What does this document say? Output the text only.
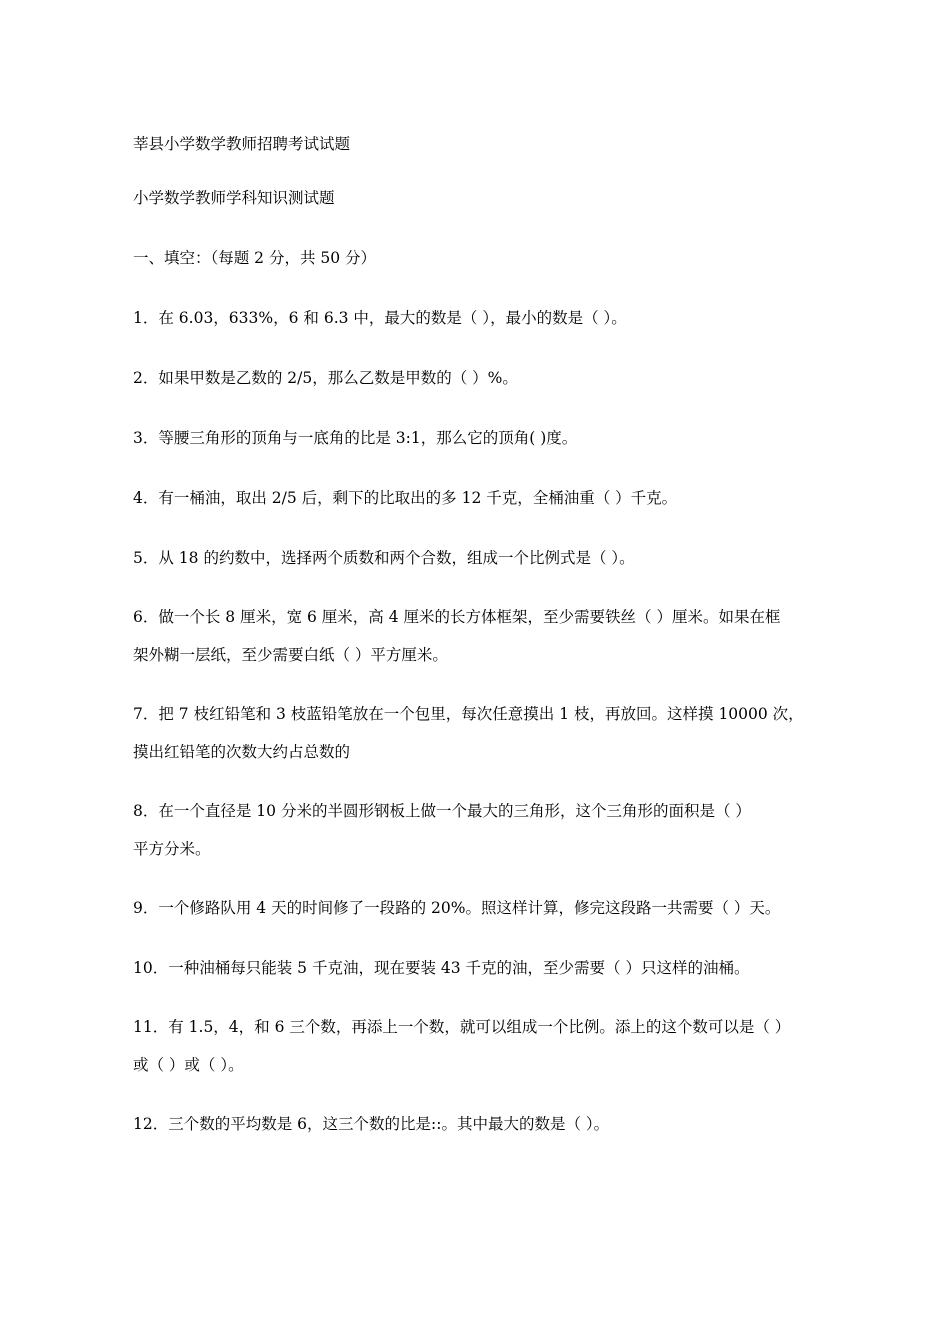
莘县小学数学教师招聘考试试题
小学数学教师学科知识测试题
一、填空：（每题 2 分，共 50 分）
1．在 6.03，633%，6 和 6.3 中，最大的数是（ ），最小的数是（ ）。
2．如果甲数是乙数的 2/5，那么乙数是甲数的（ ）%。
3．等腰三角形的顶角与一底角的比是 3:1，那么它的顶角( )度。
4．有一桶油，取出 2/5 后，剩下的比取出的多 12 千克，全桶油重（ ）千克。
5．从 18 的约数中，选择两个质数和两个合数，组成一个比例式是（ ）。
6．做一个长 8 厘米，宽 6 厘米，高 4 厘米的长方体框架，至少需要铁丝（ ）厘米。如果在框
架外糊一层纸，至少需要白纸（ ）平方厘米。
7．把 7 枝红铅笔和 3 枝蓝铅笔放在一个包里，每次任意摸出 1 枝，再放回。这样摸 10000 次，
摸出红铅笔的次数大约占总数的
8．在一个直径是 10 分米的半圆形钢板上做一个最大的三角形，这个三角形的面积是（ ）
平方分米。
9．一个修路队用 4 天的时间修了一段路的 20%。照这样计算，修完这段路一共需要（ ）天。
10．一种油桶每只能装 5 千克油，现在要装 43 千克的油，至少需要（ ）只这样的油桶。
11．有 1.5，4，和 6 三个数，再添上一个数，就可以组成一个比例。添上的这个数可以是（ ）
或（ ）或（ ）。
12．三个数的平均数是 6，这三个数的比是::。其中最大的数是（ ）。
